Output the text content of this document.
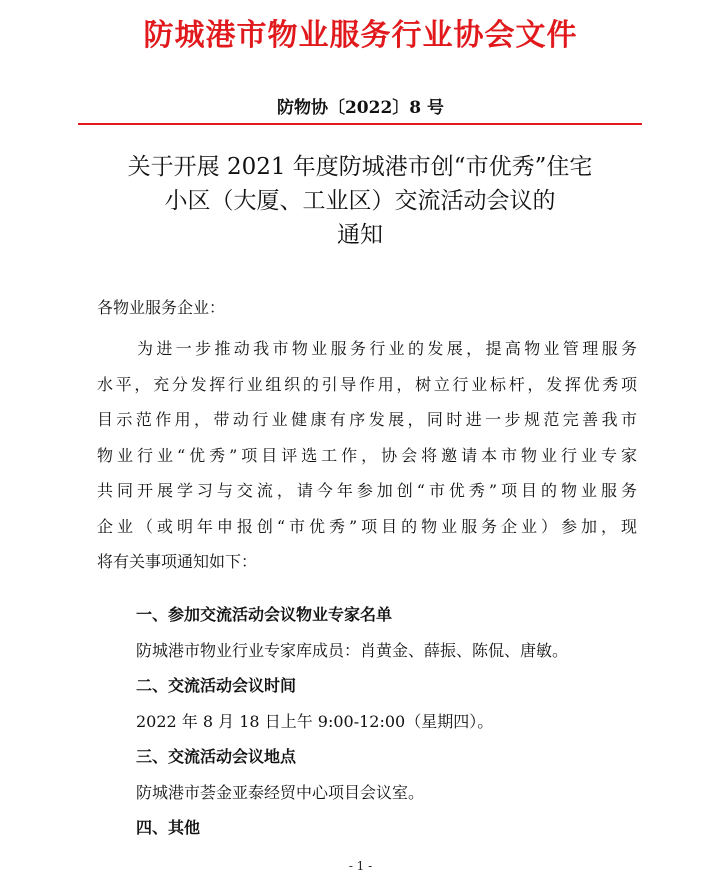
防城港市物业服务行业协会文件
防物协〔2022〕8 号
关于开展 2021 年度防城港市创“市优秀”住宅
小区（大厦、工业区）交流活动会议的
通知
各物业服务企业：
为进一步推动我市物业服务行业的发展，提高物业管理服务
水平，充分发挥行业组织的引导作用，树立行业标杆，发挥优秀项
目示范作用，带动行业健康有序发展，同时进一步规范完善我市
物业行业“优秀”项目评选工作，协会将邀请本市物业行业专家
共同开展学习与交流，请今年参加创“市优秀”项目的物业服务
企业（或明年申报创“市优秀”项目的物业服务企业）参加，现
将有关事项通知如下：
一、参加交流活动会议物业专家名单
防城港市物业行业专家库成员：肖黄金、薛振、陈侃、唐敏。
二、交流活动会议时间
2022 年 8 月 18 日上午 9:00-12:00（星期四）。
三、交流活动会议地点
防城港市荟金亚泰经贸中心项目会议室。
四、其他
- 1 -
